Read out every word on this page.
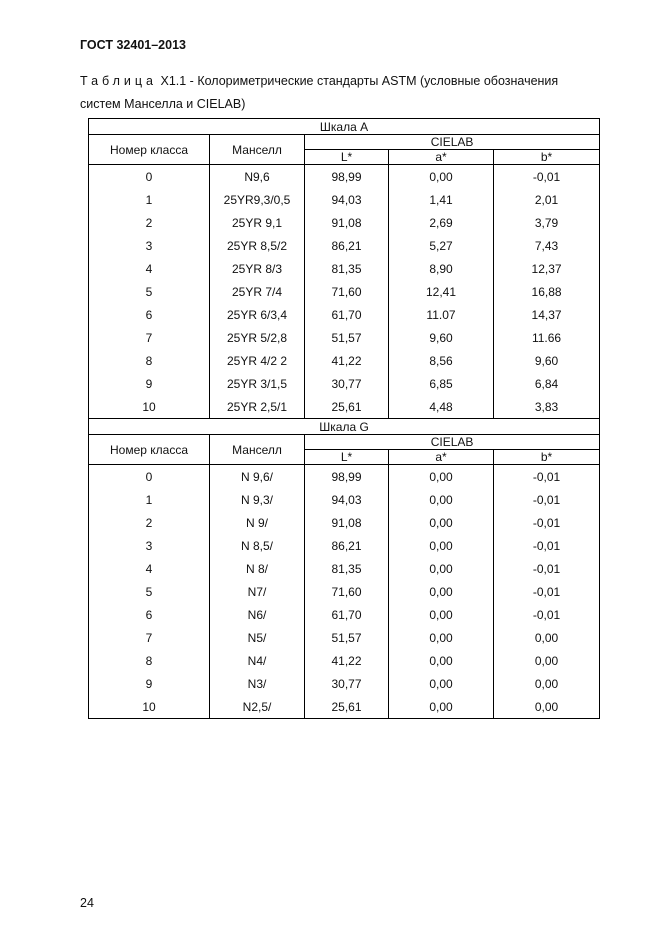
ГОСТ 32401–2013
Таблица X1.1 - Колориметрические стандарты ASTM (условные обозначения
систем Манселла и CIELAB)
Шкала А				
Номер класса	Манселл	CIELAB		
		L*	a*	b*
0	N9,6	98,99	0,00	-0,01
1	25YR9,3/0,5	94,03	1,41	2,01
2	25YR 9,1	91,08	2,69	3,79
3	25YR 8,5/2	86,21	5,27	7,43
4	25YR 8/3	81,35	8,90	12,37
5	25YR 7/4	71,60	12,41	16,88
6	25YR 6/3,4	61,70	11.07	14,37
7	25YR 5/2,8	51,57	9,60	11.66
8	25YR 4/2 2	41,22	8,56	9,60
9	25YR 3/1,5	30,77	6,85	6,84
10	25YR 2,5/1	25,61	4,48	3,83
Шкала G				
Номер класса	Манселл	CIELAB		
		L*	a*	b*
0	N 9,6/	98,99	0,00	-0,01
1	N 9,3/	94,03	0,00	-0,01
2	N 9/	91,08	0,00	-0,01
3	N 8,5/	86,21	0,00	-0,01
4	N 8/	81,35	0,00	-0,01
5	N7/	71,60	0,00	-0,01
6	N6/	61,70	0,00	-0,01
7	N5/	51,57	0,00	0,00
8	N4/	41,22	0,00	0,00
9	N3/	30,77	0,00	0,00
10	N2,5/	25,61	0,00	0,00
24
